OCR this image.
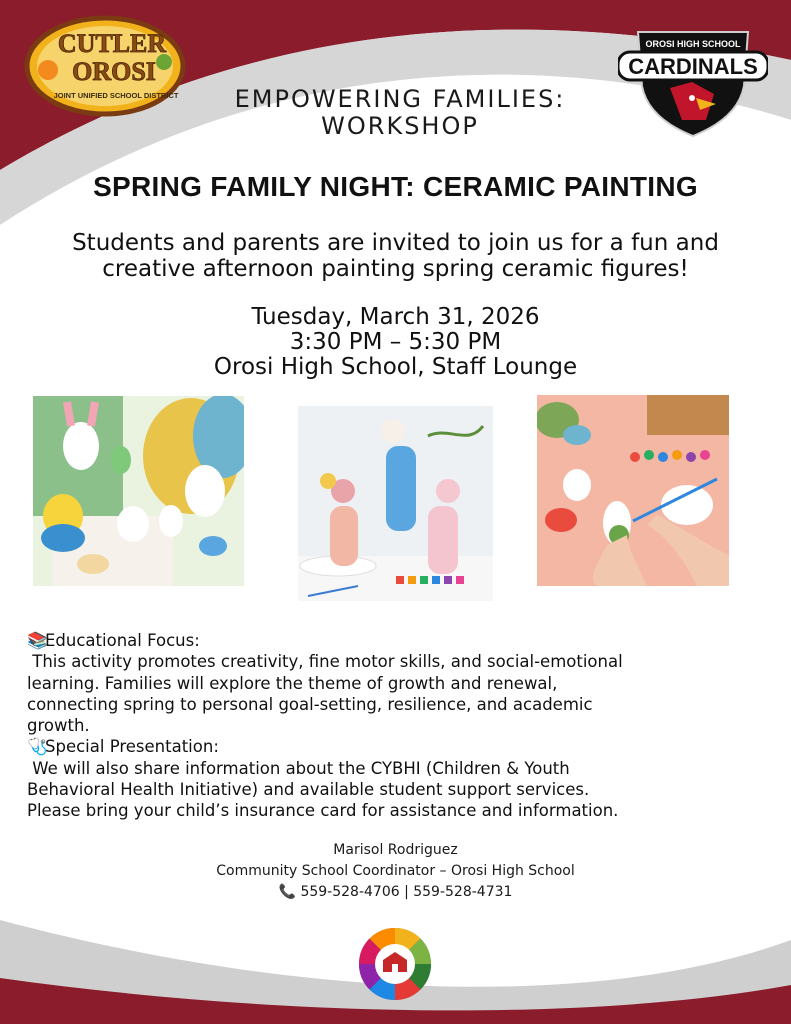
CUTLER
OROSI
JOINT UNIFIED SCHOOL DISTRICT
OROSI HIGH SCHOOL
CARDINALS
EMPOWERING FAMILIES:
WORKSHOP
SPRING FAMILY NIGHT: CERAMIC PAINTING
Students and parents are invited to join us for a fun and
creative afternoon painting spring ceramic figures!
Tuesday, March 31, 2026
3:30 PM – 5:30 PM
Orosi High School, Staff Lounge

📚Educational Focus:

This activity promotes creativity, fine motor skills, and social-emotional

learning. Families will explore the theme of growth and renewal,

connecting spring to personal goal-setting, resilience, and academic

growth.

🩺Special Presentation:

We will also share information about the CYBHI (Children & Youth

Behavioral Health Initiative) and available student support services.

Please bring your child’s insurance card for assistance and information.

Marisol Rodriguez
Community School Coordinator – Orosi High School
📞 559-528-4706 | 559-528-4731
